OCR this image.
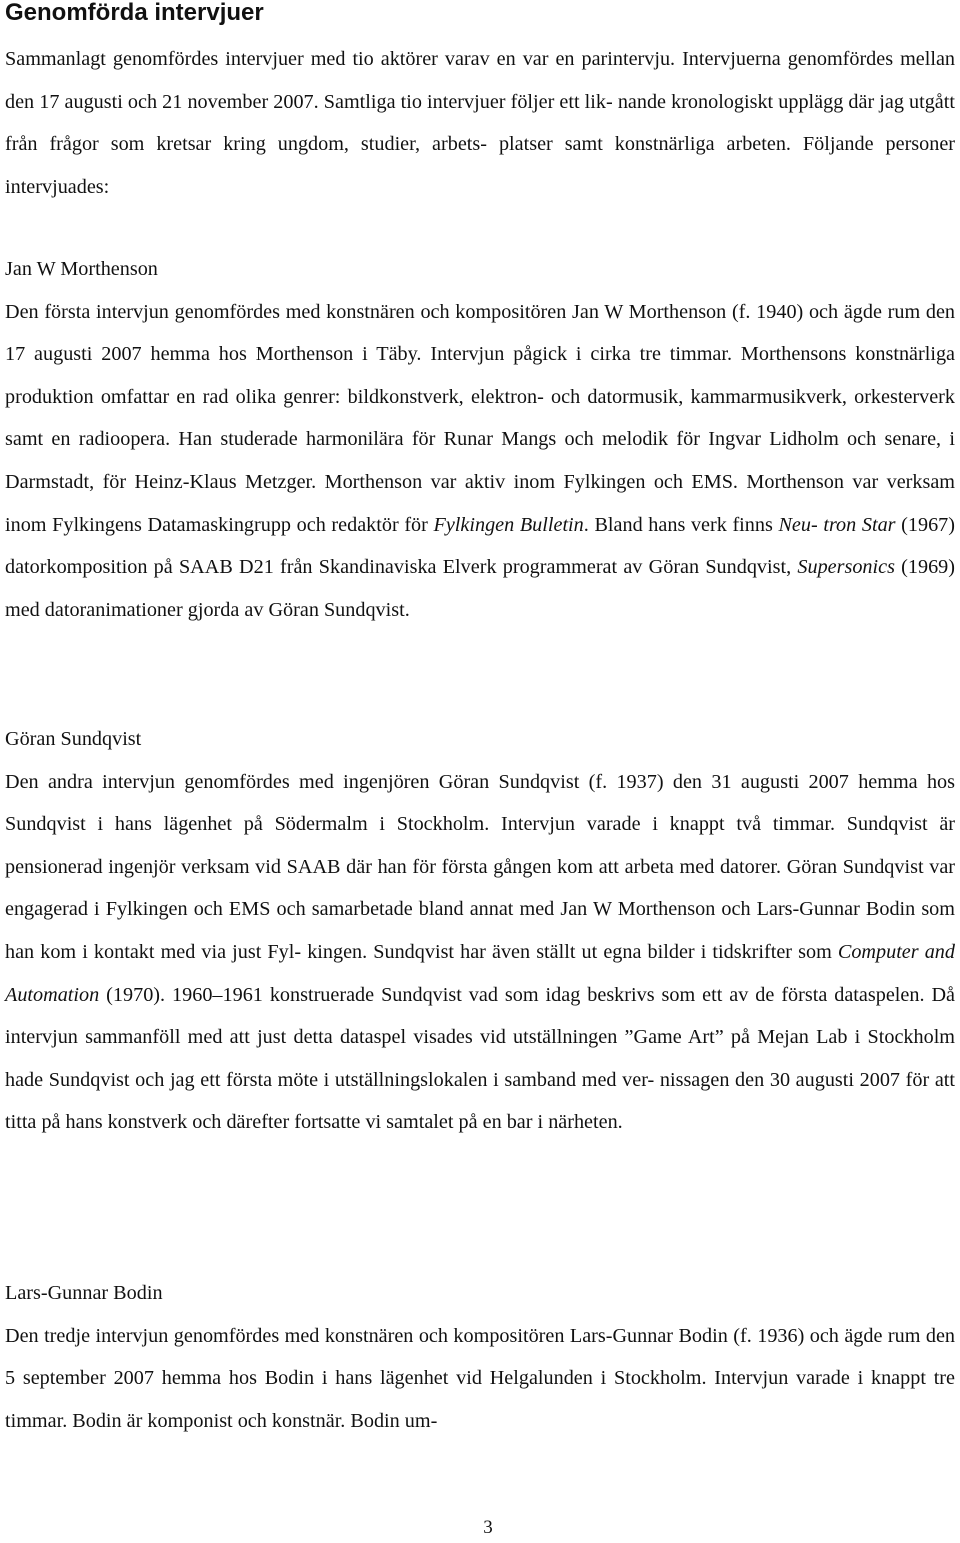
Genomförda intervjuer

Sammanlagt genomfördes intervjuer med tio aktörer varav en var en parintervju. Intervjuerna genomfördes mellan den 17 augusti och 21 november 2007. Samtliga tio intervjuer följer ett lik- nande kronologiskt upplägg där jag utgått från frågor som kretsar kring ungdom, studier, arbets- platser samt konstnärliga arbeten. Följande personer intervjuades:

Jan W Morthenson
Den första intervjun genomfördes med konstnären och kompositören Jan W Morthenson (f. 1940) och ägde rum den 17 augusti 2007 hemma hos Morthenson i Täby. Intervjun pågick i cirka tre timmar. Morthensons konstnärliga produktion omfattar en rad olika genrer: bildkonstverk, elektron- och datormusik, kammarmusikverk, orkesterverk samt en radioopera. Han studerade harmonilära för Runar Mangs och melodik för Ingvar Lidholm och senare, i Darmstadt, för Heinz-Klaus Metzger. Morthenson var aktiv inom Fylkingen och EMS. Morthenson var verksam inom Fylkingens Datamaskingrupp och redaktör för Fylkingen Bulletin. Bland hans verk finns Neu- tron Star (1967) datorkomposition på SAAB D21 från Skandinaviska Elverk programmerat av Göran Sundqvist, Supersonics (1969) med datoranimationer gjorda av Göran Sundqvist.

Göran Sundqvist
Den andra intervjun genomfördes med ingenjören Göran Sundqvist (f. 1937) den 31 augusti 2007 hemma hos Sundqvist i hans lägenhet på Södermalm i Stockholm. Intervjun varade i knappt två timmar. Sundqvist är pensionerad ingenjör verksam vid SAAB där han för första gången kom att arbeta med datorer. Göran Sundqvist var engagerad i Fylkingen och EMS och samarbetade bland annat med Jan W Morthenson och Lars-Gunnar Bodin som han kom i kontakt med via just Fyl- kingen. Sundqvist har även ställt ut egna bilder i tidskrifter som Computer and Automation (1970). 1960–1961 konstruerade Sundqvist vad som idag beskrivs som ett av de första dataspelen. Då intervjun sammanföll med att just detta dataspel visades vid utställningen ”Game Art” på Mejan Lab i Stockholm hade Sundqvist och jag ett första möte i utställningslokalen i samband med ver- nissagen den 30 augusti 2007 för att titta på hans konstverk och därefter fortsatte vi samtalet på en bar i närheten.

Lars-Gunnar Bodin
Den tredje intervjun genomfördes med konstnären och kompositören Lars-Gunnar Bodin (f. 1936) och ägde rum den 5 september 2007 hemma hos Bodin i hans lägenhet vid Helgalunden i Stockholm. Intervjun varade i knappt tre timmar. Bodin är komponist och konstnär. Bodin um-

3
